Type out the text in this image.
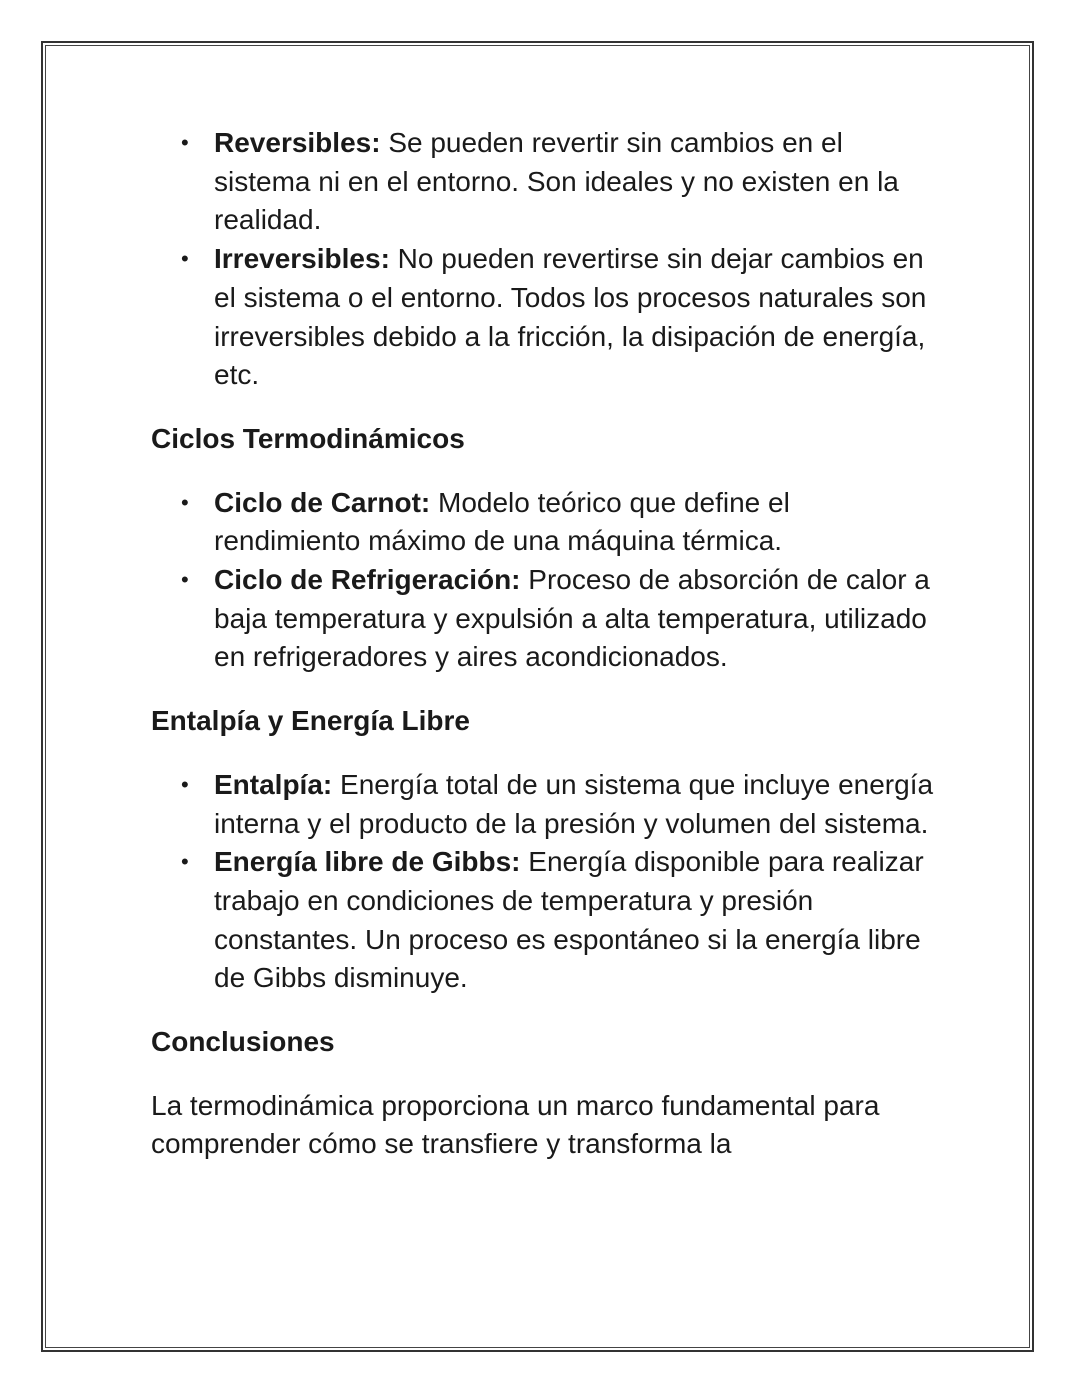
• Reversibles: Se pueden revertir sin cambios en el sistema ni en el entorno. Son ideales y no existen en la realidad.
• Irreversibles: No pueden revertirse sin dejar cambios en el sistema o el entorno. Todos los procesos naturales son irreversibles debido a la fricción, la disipación de energía, etc.
Ciclos Termodinámicos
• Ciclo de Carnot: Modelo teórico que define el rendimiento máximo de una máquina térmica.
• Ciclo de Refrigeración: Proceso de absorción de calor a baja temperatura y expulsión a alta temperatura, utilizado en refrigeradores y aires acondicionados.
Entalpía y Energía Libre
• Entalpía: Energía total de un sistema que incluye energía interna y el producto de la presión y volumen del sistema.
• Energía libre de Gibbs: Energía disponible para realizar trabajo en condiciones de temperatura y presión constantes. Un proceso es espontáneo si la energía libre de Gibbs disminuye.
Conclusiones

La termodinámica proporciona un marco fundamental para comprender cómo se transfiere y transforma la
